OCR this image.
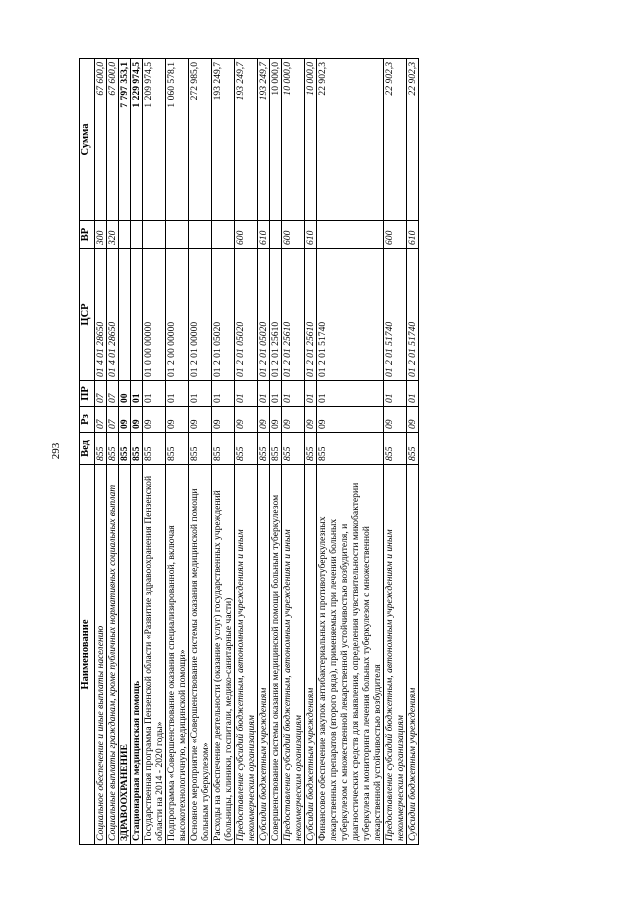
293
Наименование	Вед	Рз	ПР	ЦСР	ВР	Сумма
Социальное обеспечение и иные выплаты населению	855	07	07	01 4 01 28650	300	67 600,0
Социальные выплаты гражданам, кроме публичных нормативных социальных выплат	855	07	07	01 4 01 28650	320	67 600,0
ЗДРАВООХРАНЕНИЕ	855	09	00			7 797 353,1
Стационарная медицинская помощь	855	09	01			1 229 974,5
Государственная программа Пензенской области «Развитие здравоохранения Пензенской области на 2014 - 2020 годы»	855	09	01	01 0 00 00000		1 209 974,5
Подпрограмма «Совершенствование оказания специализированной, включая высокотехнологичную, медицинской помощи»	855	09	01	01 2 00 00000		1 060 578,1
Основное мероприятие «Совершенствование системы оказания медицинской помощи больным туберкулезом»	855	09	01	01 2 01 00000		272 985,0
Расходы на обеспечение деятельности (оказание услуг) государственных учреждений (больницы, клиники, госпитали, медико-санитарные части)	855	09	01	01 2 01 05020		193 249,7
Предоставление субсидий бюджетным, автономным учреждениям и иным некоммерческим организациям	855	09	01	01 2 01 05020	600	193 249,7
Субсидии бюджетным учреждениям	855	09	01	01 2 01 05020	610	193 249,7
Совершенствование системы оказания медицинской помощи больным туберкулезом	855	09	01	01 2 01 25610		10 000,0
Предоставление субсидий бюджетным, автономным учреждениям и иным некоммерческим организациям	855	09	01	01 2 01 25610	600	10 000,0
Субсидии бюджетным учреждениям	855	09	01	01 2 01 25610	610	10 000,0
Финансовое обеспечение закупок антибактериальных и противотуберкулезных лекарственных препаратов (второго ряда), применяемых при лечении больных туберкулезом с множественной лекарственной устойчивостью возбудителя, и диагностических средств для выявления, определения чувствительности микобактерии туберкулеза и мониторинга лечения больных туберкулезом с множественной лекарственной устойчивостью возбудителя	855	09	01	01 2 01 51740		22 902,3
Предоставление субсидий бюджетным, автономным учреждениям и иным некоммерческим организациям	855	09	01	01 2 01 51740	600	22 902,3
Субсидии бюджетным учреждениям	855	09	01	01 2 01 51740	610	22 902,3
